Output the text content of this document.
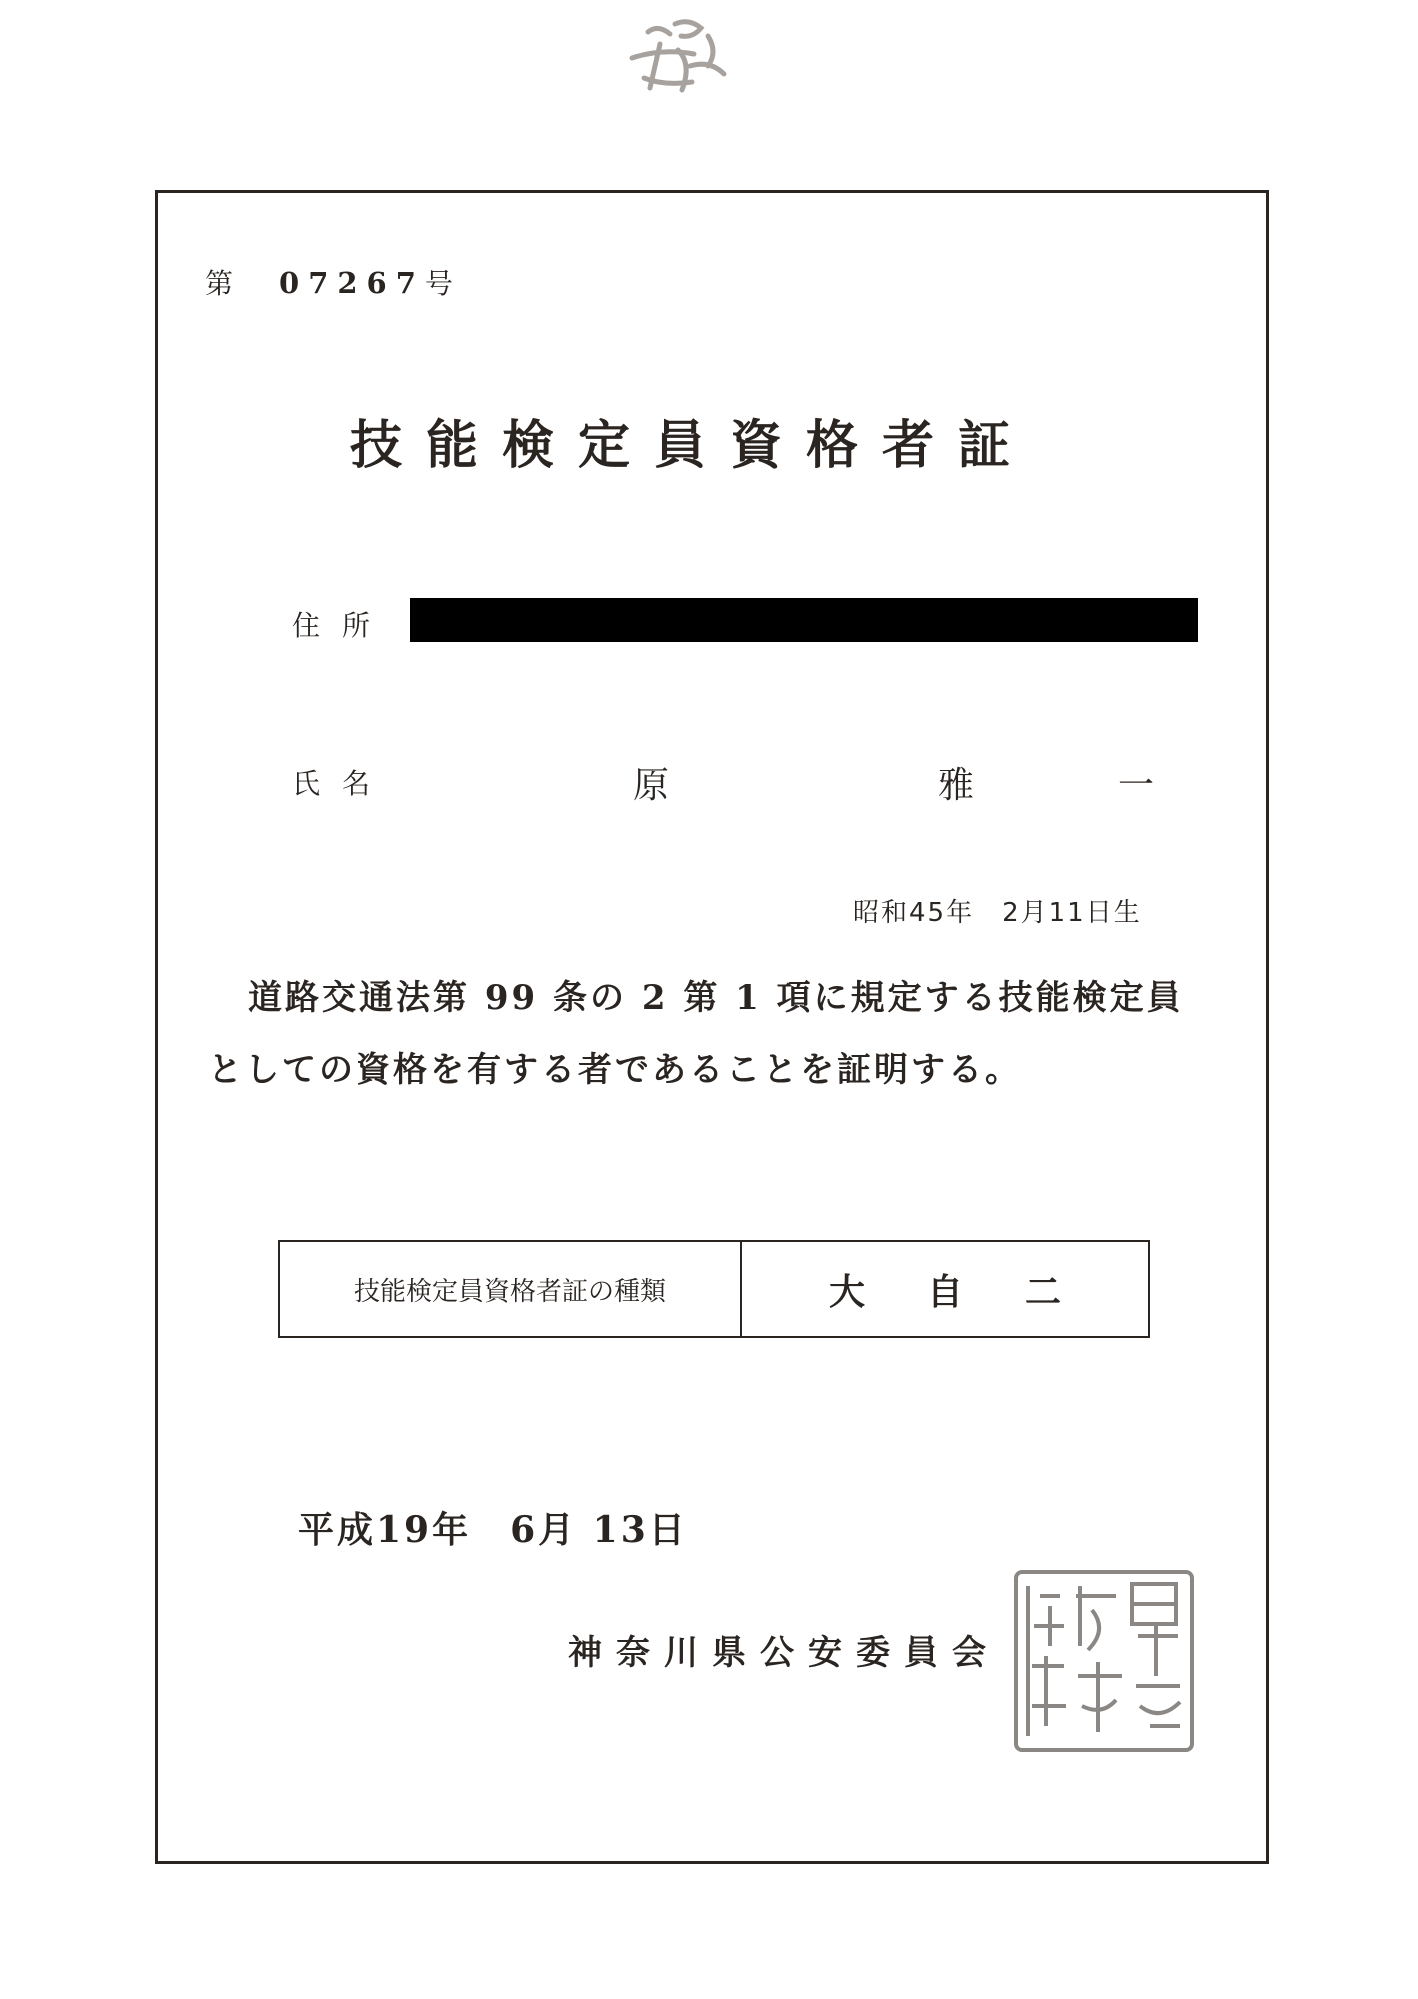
第 07267号
技能検定員資格者証
住所
氏名	原	雅	一
昭和45年　2月11日生
道路交通法第 99 条の 2 第 1 項に規定する技能検定員
としての資格を有する者であることを証明する。
技能検定員資格者証の種類	大自二
平成19年　6月 13日
神奈川県公安委員会
